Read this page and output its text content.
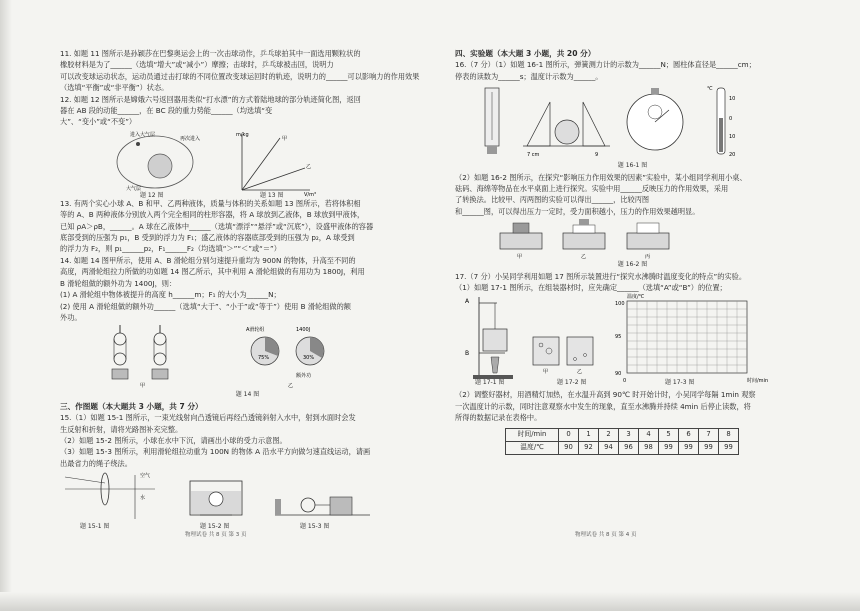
11. 如题 11 图所示是孙颖莎在巴黎奥运会上的一次击球动作，乒乓球拍其中一面选用颗粒状的
橡胶材料是为了______（选填“增大”或“减小”）摩擦；击球时，乒乓球被击回，说明力
可以改变球运动状态，运动员通过击打球的不同位置改变球运回时的轨迹，说明力的______可以影响力的作用效果
（选填“平衡”或“非平衡”）状态。
12. 如题 12 图所示是嫦娥六号返回器用类似“打水漂”的方式着陆地球的部分轨迹简化图，返回
器在 AB 段的动能______，在 BC 段的重力势能______（均选填“变
大”、“变小”或“不变”）
大气层
进入大气层
再次进入
m/kg
V/m³
甲
乙
题 12 图	题 13 图
13. 有两个实心小球 A、B 和甲、乙两种液体，质量与体积的关系如题 13 图所示，若将体积相
等的 A、B 两种液体分别放入两个完全相同的柱形容器，将 A 球放到乙液体，B 球放到甲液体，
已知 ρA＞ρB，______。A 球在乙液体中______（选填“漂浮”“悬浮”或“沉底”），设盛甲液体的容器
底部受到的压强为 p₁，B 受到的浮力为 F₁；盛乙液体的容器底部受到的压强为 p₂，A 球受到
的浮力为 F₂，则 p₁______p₂，F₁______F₂（均选填“＞”“＜”或“＝”）
14. 如题 14 图甲所示，使用 A、B 滑轮组分别匀速提升重均为 900N 的物体，升高至不同的
高度，两滑轮组拉力所做的功如题 14 图乙所示，其中利用 A 滑轮组做的有用功为 1800J，利用
B 滑轮组做的额外功为 1400J，则：
(1) A 滑轮组中物体被提升的高度 h______m；F₁ 的大小为______N；
(2) 使用 A 滑轮组做的额外功______（选填“大于”、“小于”或“等于”）使用 B 滑轮组做的额
外功。
75%	30%
A滑轮组	1400J
额外功
甲	乙
题 14 图
三、作图题（本大题共 3 小题，共 7 分）
15.（1）如题 15-1 图所示，一束光线射向凸透镜后再经凸透镜斜射入水中，射到水面时会发
生反射和折射，请将光路图补充完整。
（2）如题 15-2 图所示，小球在水中下沉，请画出小球的受力示意图。
（3）如题 15-3 图所示，利用滑轮组拉动重为 100N 的物体 A 沿水平方向做匀速直线运动，请画
出最省力的绳子绕法。
空气
水
题 15-1 图	题 15-2 图	题 15-3 图
物理试卷 共 8 页 第 3 页
四、实验题（本大题 3 小题，共 20 分）
16.（7 分）（1）如题 16-1 图所示，弹簧测力计的示数为______N；圆柱体直径是______cm；
停表的读数为______s；温度计示数为______。
7 cm	9
℃
10
0
10
20
题 16-1 图
（2）如题 16-2 图所示，在探究“影响压力作用效果的因素”实验中，某小组同学利用小桌、
砝码、海绵等物品在水平桌面上进行探究。实验中用______反映压力的作用效果，采用
了转换法。比较甲、丙两图的实验可以得出______，比较丙图
和______图，可以得出压力一定时，受力面积越小，压力的作用效果越明显。
甲	乙	丙
题 16-2 图
17.（7 分）小吴同学利用如题 17 图所示装置进行“探究水沸腾时温度变化的特点”的实验。
（1）如题 17-1 图所示，在组装器材时，应先确定______（选填“A”或“B”）的位置；
A
B
甲	乙
温度/℃
时间/min
100
95
90
0
题 17-1 图	题 17-2 图	题 17-3 图
（2）调整好器材，用酒精灯加热，在水温升高到 90℃ 时开始计时，小吴同学每隔 1min 观察
一次温度计的示数，同时注意观察水中发生的现象，直至水沸腾并持续 4min 后停止读数，将
所得的数据记录在表格中。
时间/min	0	1	2	3	4	5	6	7	8
温度/℃	90	92	94	96	98	99	99	99	99
物理试卷 共 8 页 第 4 页
